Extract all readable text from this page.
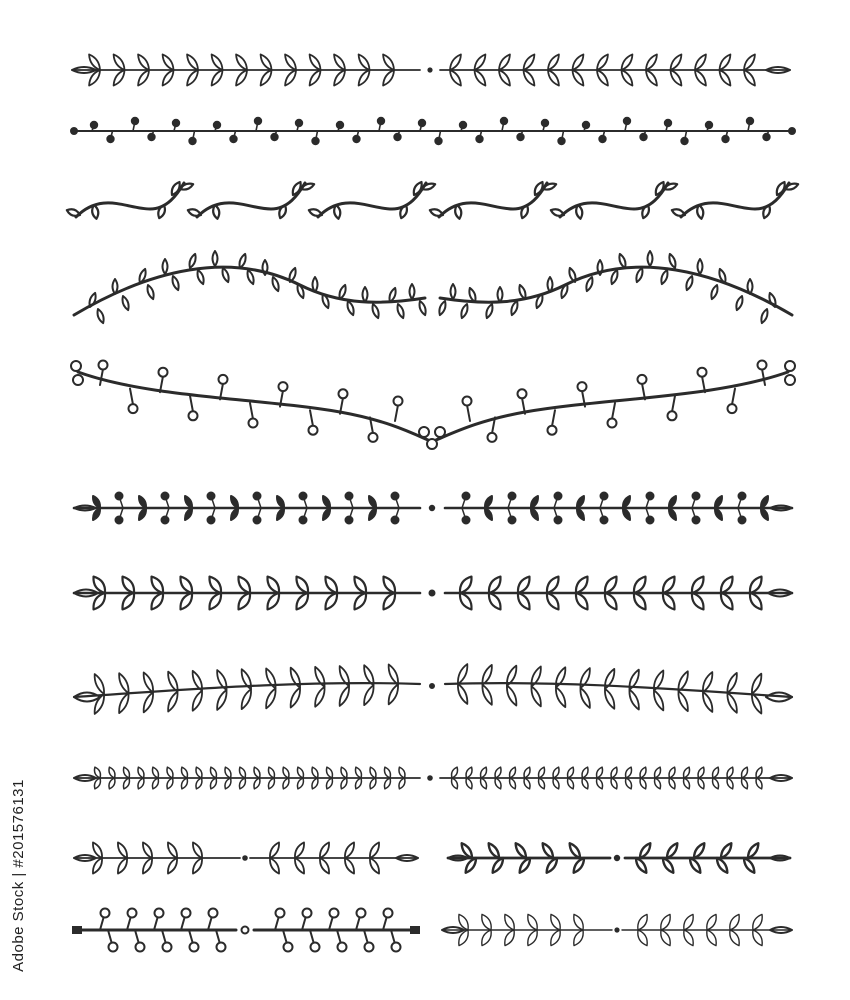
Adobe Stock | #201576131
